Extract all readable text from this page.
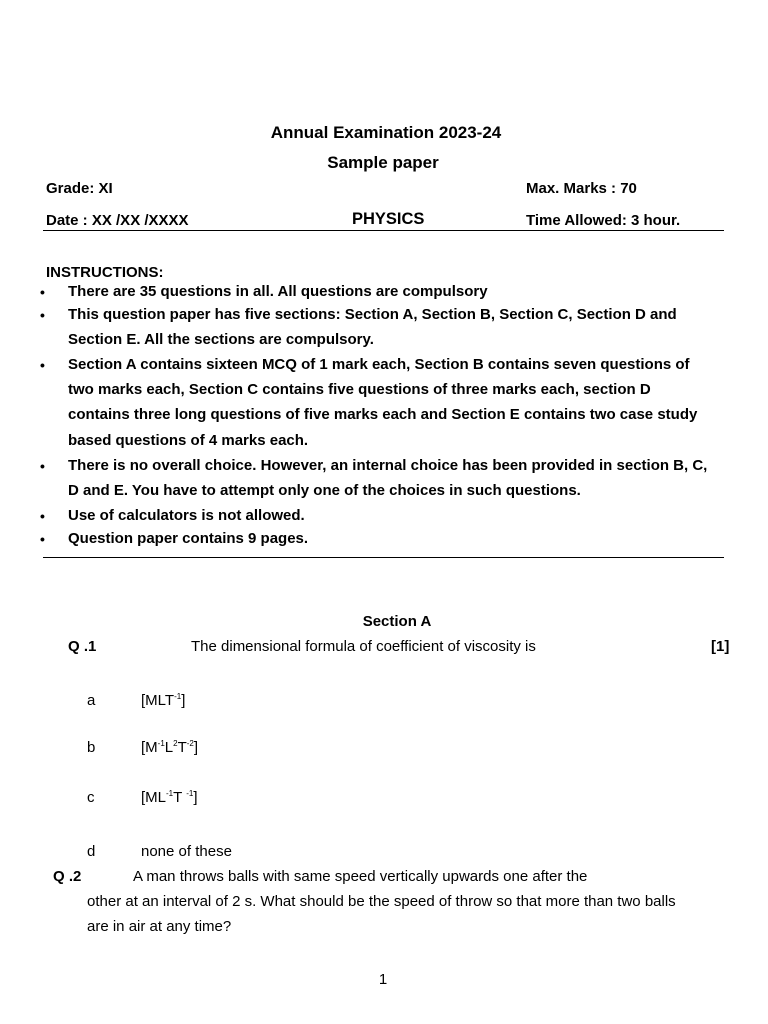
Annual Examination 2023-24
Sample paper
Grade: XI	Max. Marks : 70
Date : XX /XX /XXXX	PHYSICS	Time Allowed: 3 hour.
INSTRUCTIONS:
• There are 35 questions in all. All questions are compulsory
• This question paper has five sections: Section A, Section B, Section C, Section D and
Section E. All the sections are compulsory.
• Section A contains sixteen MCQ of 1 mark each, Section B contains seven questions of
two marks each, Section C contains five questions of three marks each, section D
contains three long questions of five marks each and Section E contains two case study
based questions of 4 marks each.
• There is no overall choice. However, an internal choice has been provided in section B, C,
D and E. You have to attempt only one of the choices in such questions.
• Use of calculators is not allowed.
• Question paper contains 9 pages.
Section A
Q .1	The dimensional formula of coefficient of viscosity is	[1]
a	$[MLT^{-1}]$
b	$[M^{-1}L^2T^{-2}]$
c	[$ML^{-1}T$ $^{-1}$]
d	none of these
Q .2	A man throws balls with same speed vertically upwards one after the
other at an interval of 2 s. What should be the speed of throw so that more than two balls
are in air at any time?
1
